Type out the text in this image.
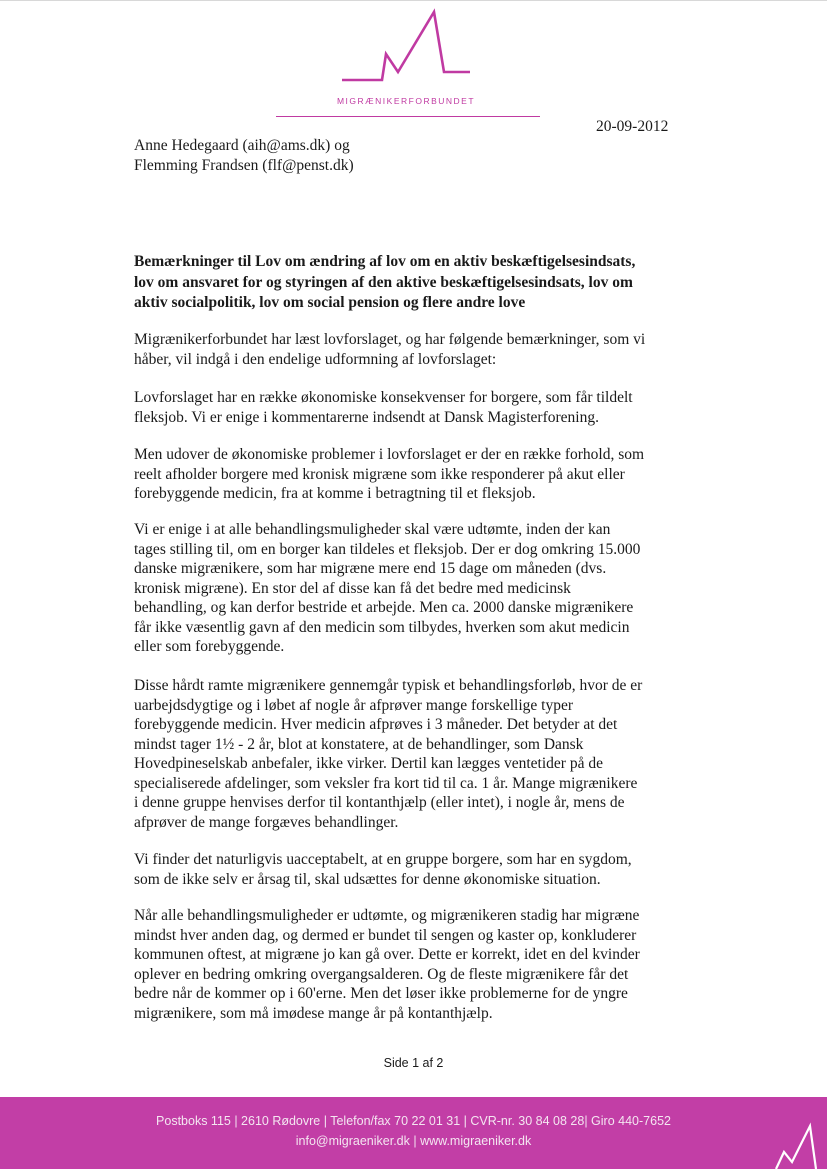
MIGRÆNIKERFORBUNDET
20-09-2012
Anne Hedegaard (aih@ams.dk) og
Flemming Frandsen (flf@penst.dk)
Bemærkninger til Lov om ændring af lov om en aktiv beskæftigelsesindsats,
lov om ansvaret for og styringen af den aktive beskæftigelsesindsats, lov om
aktiv socialpolitik, lov om social pension og flere andre love
Migrænikerforbundet har læst lovforslaget, og har følgende bemærkninger, som vi
håber, vil indgå i den endelige udformning af lovforslaget:
Lovforslaget har en række økonomiske konsekvenser for borgere, som får tildelt
fleksjob. Vi er enige i kommentarerne indsendt at Dansk Magisterforening.
Men udover de økonomiske problemer i lovforslaget er der en række forhold, som
reelt afholder borgere med kronisk migræne som ikke responderer på akut eller
forebyggende medicin, fra at komme i betragtning til et fleksjob.
Vi er enige i at alle behandlingsmuligheder skal være udtømte, inden der kan
tages stilling til, om en borger kan tildeles et fleksjob. Der er dog omkring 15.000
danske migrænikere, som har migræne mere end 15 dage om måneden (dvs.
kronisk migræne). En stor del af disse kan få det bedre med medicinsk
behandling, og kan derfor bestride et arbejde. Men ca. 2000 danske migrænikere
får ikke væsentlig gavn af den medicin som tilbydes, hverken som akut medicin
eller som forebyggende.
Disse hårdt ramte migrænikere gennemgår typisk et behandlingsforløb, hvor de er
uarbejdsdygtige og i løbet af nogle år afprøver mange forskellige typer
forebyggende medicin. Hver medicin afprøves i 3 måneder. Det betyder at det
mindst tager 1½ - 2 år, blot at konstatere, at de behandlinger, som Dansk
Hovedpineselskab anbefaler, ikke virker. Dertil kan lægges ventetider på de
specialiserede afdelinger, som veksler fra kort tid til ca. 1 år. Mange migrænikere
i denne gruppe henvises derfor til kontanthjælp (eller intet), i nogle år, mens de
afprøver de mange forgæves behandlinger.
Vi finder det naturligvis uacceptabelt, at en gruppe borgere, som har en sygdom,
som de ikke selv er årsag til, skal udsættes for denne økonomiske situation.
Når alle behandlingsmuligheder er udtømte, og migrænikeren stadig har migræne
mindst hver anden dag, og dermed er bundet til sengen og kaster op, konkluderer
kommunen oftest, at migræne jo kan gå over. Dette er korrekt, idet en del kvinder
oplever en bedring omkring overgangsalderen. Og de fleste migrænikere får det
bedre når de kommer op i 60'erne. Men det løser ikke problemerne for de yngre
migrænikere, som må imødese mange år på kontanthjælp.
Side 1 af 2
Postboks 115 | 2610 Rødovre | Telefon/fax 70 22 01 31 | CVR-nr. 30 84 08 28| Giro 440-7652
info@migraeniker.dk | www.migraeniker.dk
